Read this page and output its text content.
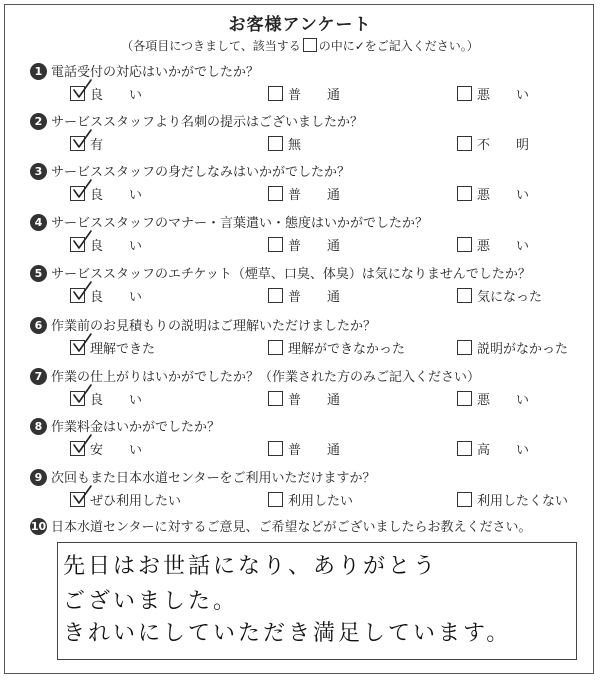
お客様アンケート
（各項目につきまして、該当する の中に✓をご記入ください。）
1 電話受付の対応はいかがでしたか？
良　　い	普　　通	悪　　い
2 サービススタッフより名刺の提示はございましたか？
有	無	不　　明
3 サービススタッフの身だしなみはいかがでしたか？
良　　い	普　　通	悪　　い
4 サービススタッフのマナー・言葉遣い・態度はいかがでしたか？
良　　い	普　　通	悪　　い
5 サービススタッフのエチケット（煙草、口臭、体臭）は気になりませんでしたか？
良　　い	普　　通	気になった
6 作業前のお見積もりの説明はご理解いただけましたか？
理解できた	理解ができなかった	説明がなかった
7 作業の仕上がりはいかがでしたか？（作業された方のみご記入ください）
良　　い	普　　通	悪　　い
8 作業料金はいかがでしたか？
安　　い	普　　通	高　　い
9 次回もまた日本水道センターをご利用いただけますか？
ぜひ利用したい	利用したい	利用したくない
10 日本水道センターに対するご意見、ご希望などがございましたらお教えください。
先日はお世話になり、ありがとう
ございました。
きれいにしていただき満足しています。
